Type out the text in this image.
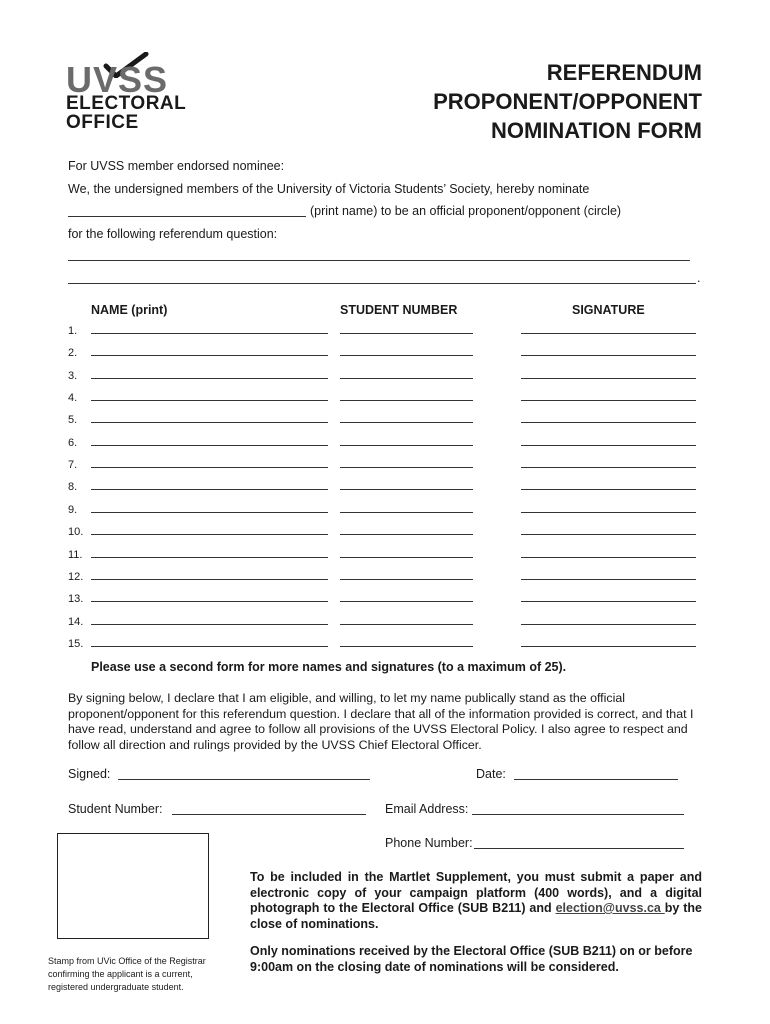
UVSS
ELECTORAL
OFFICE
REFERENDUM
PROPONENT/OPPONENT
NOMINATION FORM
For UVSS member endorsed nominee:
We, the undersigned members of the University of Victoria Students’ Society, hereby nominate
(print name) to be an official proponent/opponent (circle)
for the following referendum question:
.
NAME (print)	STUDENT NUMBER	SIGNATURE
1.
2.
3.
4.
5.
6.
7.
8.
9.
10.
11.
12.
13.
14.
15.
Please use a second form for more names and signatures (to a maximum of 25).
By signing below, I declare that I am eligible, and willing, to let my name publically stand as the official proponent/opponent for this referendum question. I declare that all of the information provided is correct, and that I have read, understand and agree to follow all provisions of the UVSS Electoral Policy. I also agree to respect and follow all direction and rulings provided by the UVSS Chief Electoral Officer.
Signed:	Date:
Student Number:	Email Address:
Phone Number:
Stamp from UVic Office of the Registrar confirming the applicant is a current, registered undergraduate student.
To be included in the Martlet Supplement, you must submit a paper and electronic copy of your campaign platform (400 words), and a digital photograph to the Electoral Office (SUB B211) and election@uvss.ca by the close of nominations.
Only nominations received by the Electoral Office (SUB B211) on or before 9:00am on the closing date of nominations will be considered.
